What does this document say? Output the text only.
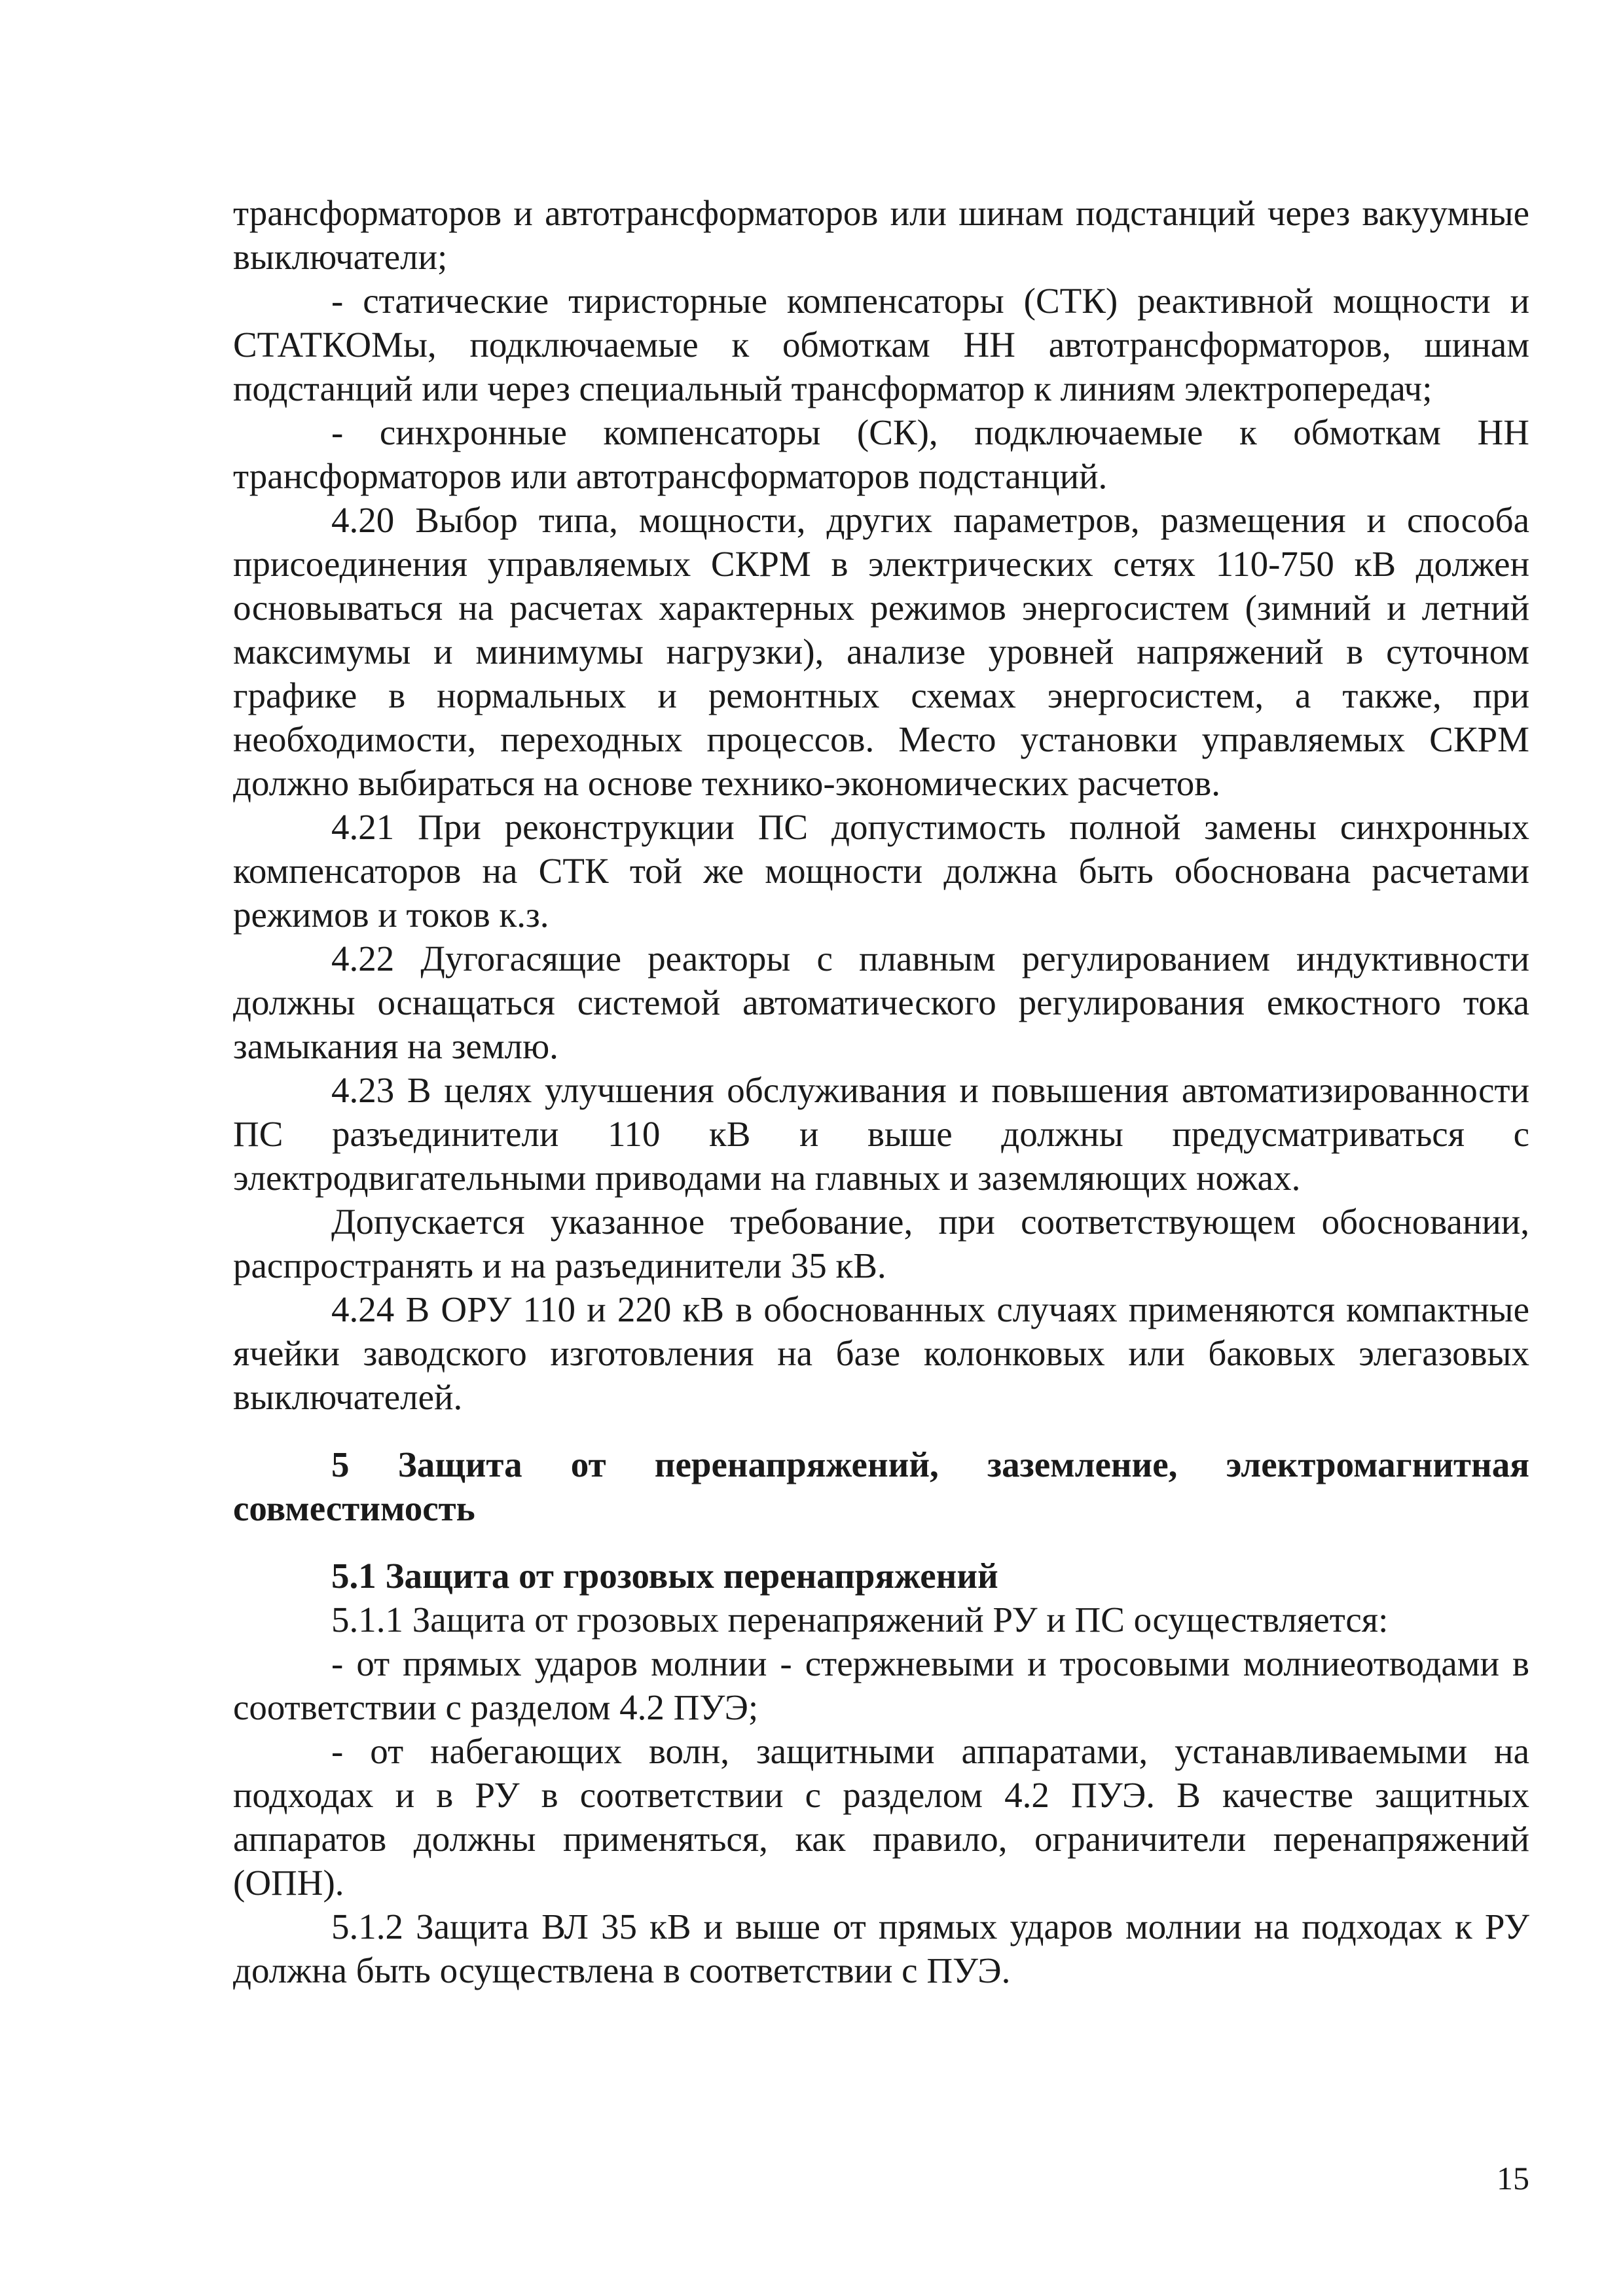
трансформаторов и автотрансформаторов или шинам подстанций через вакуумные выключатели;

- статические тиристорные компенсаторы (СТК) реактивной мощности и СТАТКОМы, подключаемые к обмоткам НН автотрансформаторов, шинам подстанций или через специальный трансформатор к линиям электропередач;

- синхронные компенсаторы (СК), подключаемые к обмоткам НН трансформаторов или автотрансформаторов подстанций.

4.20 Выбор типа, мощности, других параметров, размещения и способа присоединения управляемых СКРМ в электрических сетях 110-750 кВ должен основываться на расчетах характерных режимов энергосистем (зимний и летний максимумы и минимумы нагрузки), анализе уровней напряжений в суточном графике в нормальных и ремонтных схемах энергосистем, а также, при необходимости, переходных процессов. Место установки управляемых СКРМ должно выбираться на основе технико-экономических расчетов.

4.21 При реконструкции ПС допустимость полной замены синхронных компенсаторов на СТК той же мощности должна быть обоснована расчетами режимов и токов к.з.

4.22 Дугогасящие реакторы с плавным регулированием индуктивности должны оснащаться системой автоматического регулирования емкостного тока замыкания на землю.

4.23 В целях улучшения обслуживания и повышения автоматизированности ПС разъединители 110 кВ и выше должны предусматриваться с электродвигательными приводами на главных и заземляющих ножах.

Допускается указанное требование, при соответствующем обосновании, распространять и на разъединители 35 кВ.

4.24 В ОРУ 110 и 220 кВ в обоснованных случаях применяются компактные ячейки заводского изготовления на базе колонковых или баковых элегазовых выключателей.

5 Защита от перенапряжений, заземление, электромагнитная совместимость
5.1 Защита от грозовых перенапряжений

5.1.1 Защита от грозовых перенапряжений РУ и ПС осуществляется:

- от прямых ударов молнии - стержневыми и тросовыми молниеотводами в соответствии с разделом 4.2 ПУЭ;

- от набегающих волн, защитными аппаратами, устанавливаемыми на подходах и в РУ в соответствии с разделом 4.2 ПУЭ. В качестве защитных аппаратов должны применяться, как правило, ограничители перенапряжений (ОПН).

5.1.2 Защита ВЛ 35 кВ и выше от прямых ударов молнии на подходах к РУ должна быть осуществлена в соответствии с ПУЭ.

15
